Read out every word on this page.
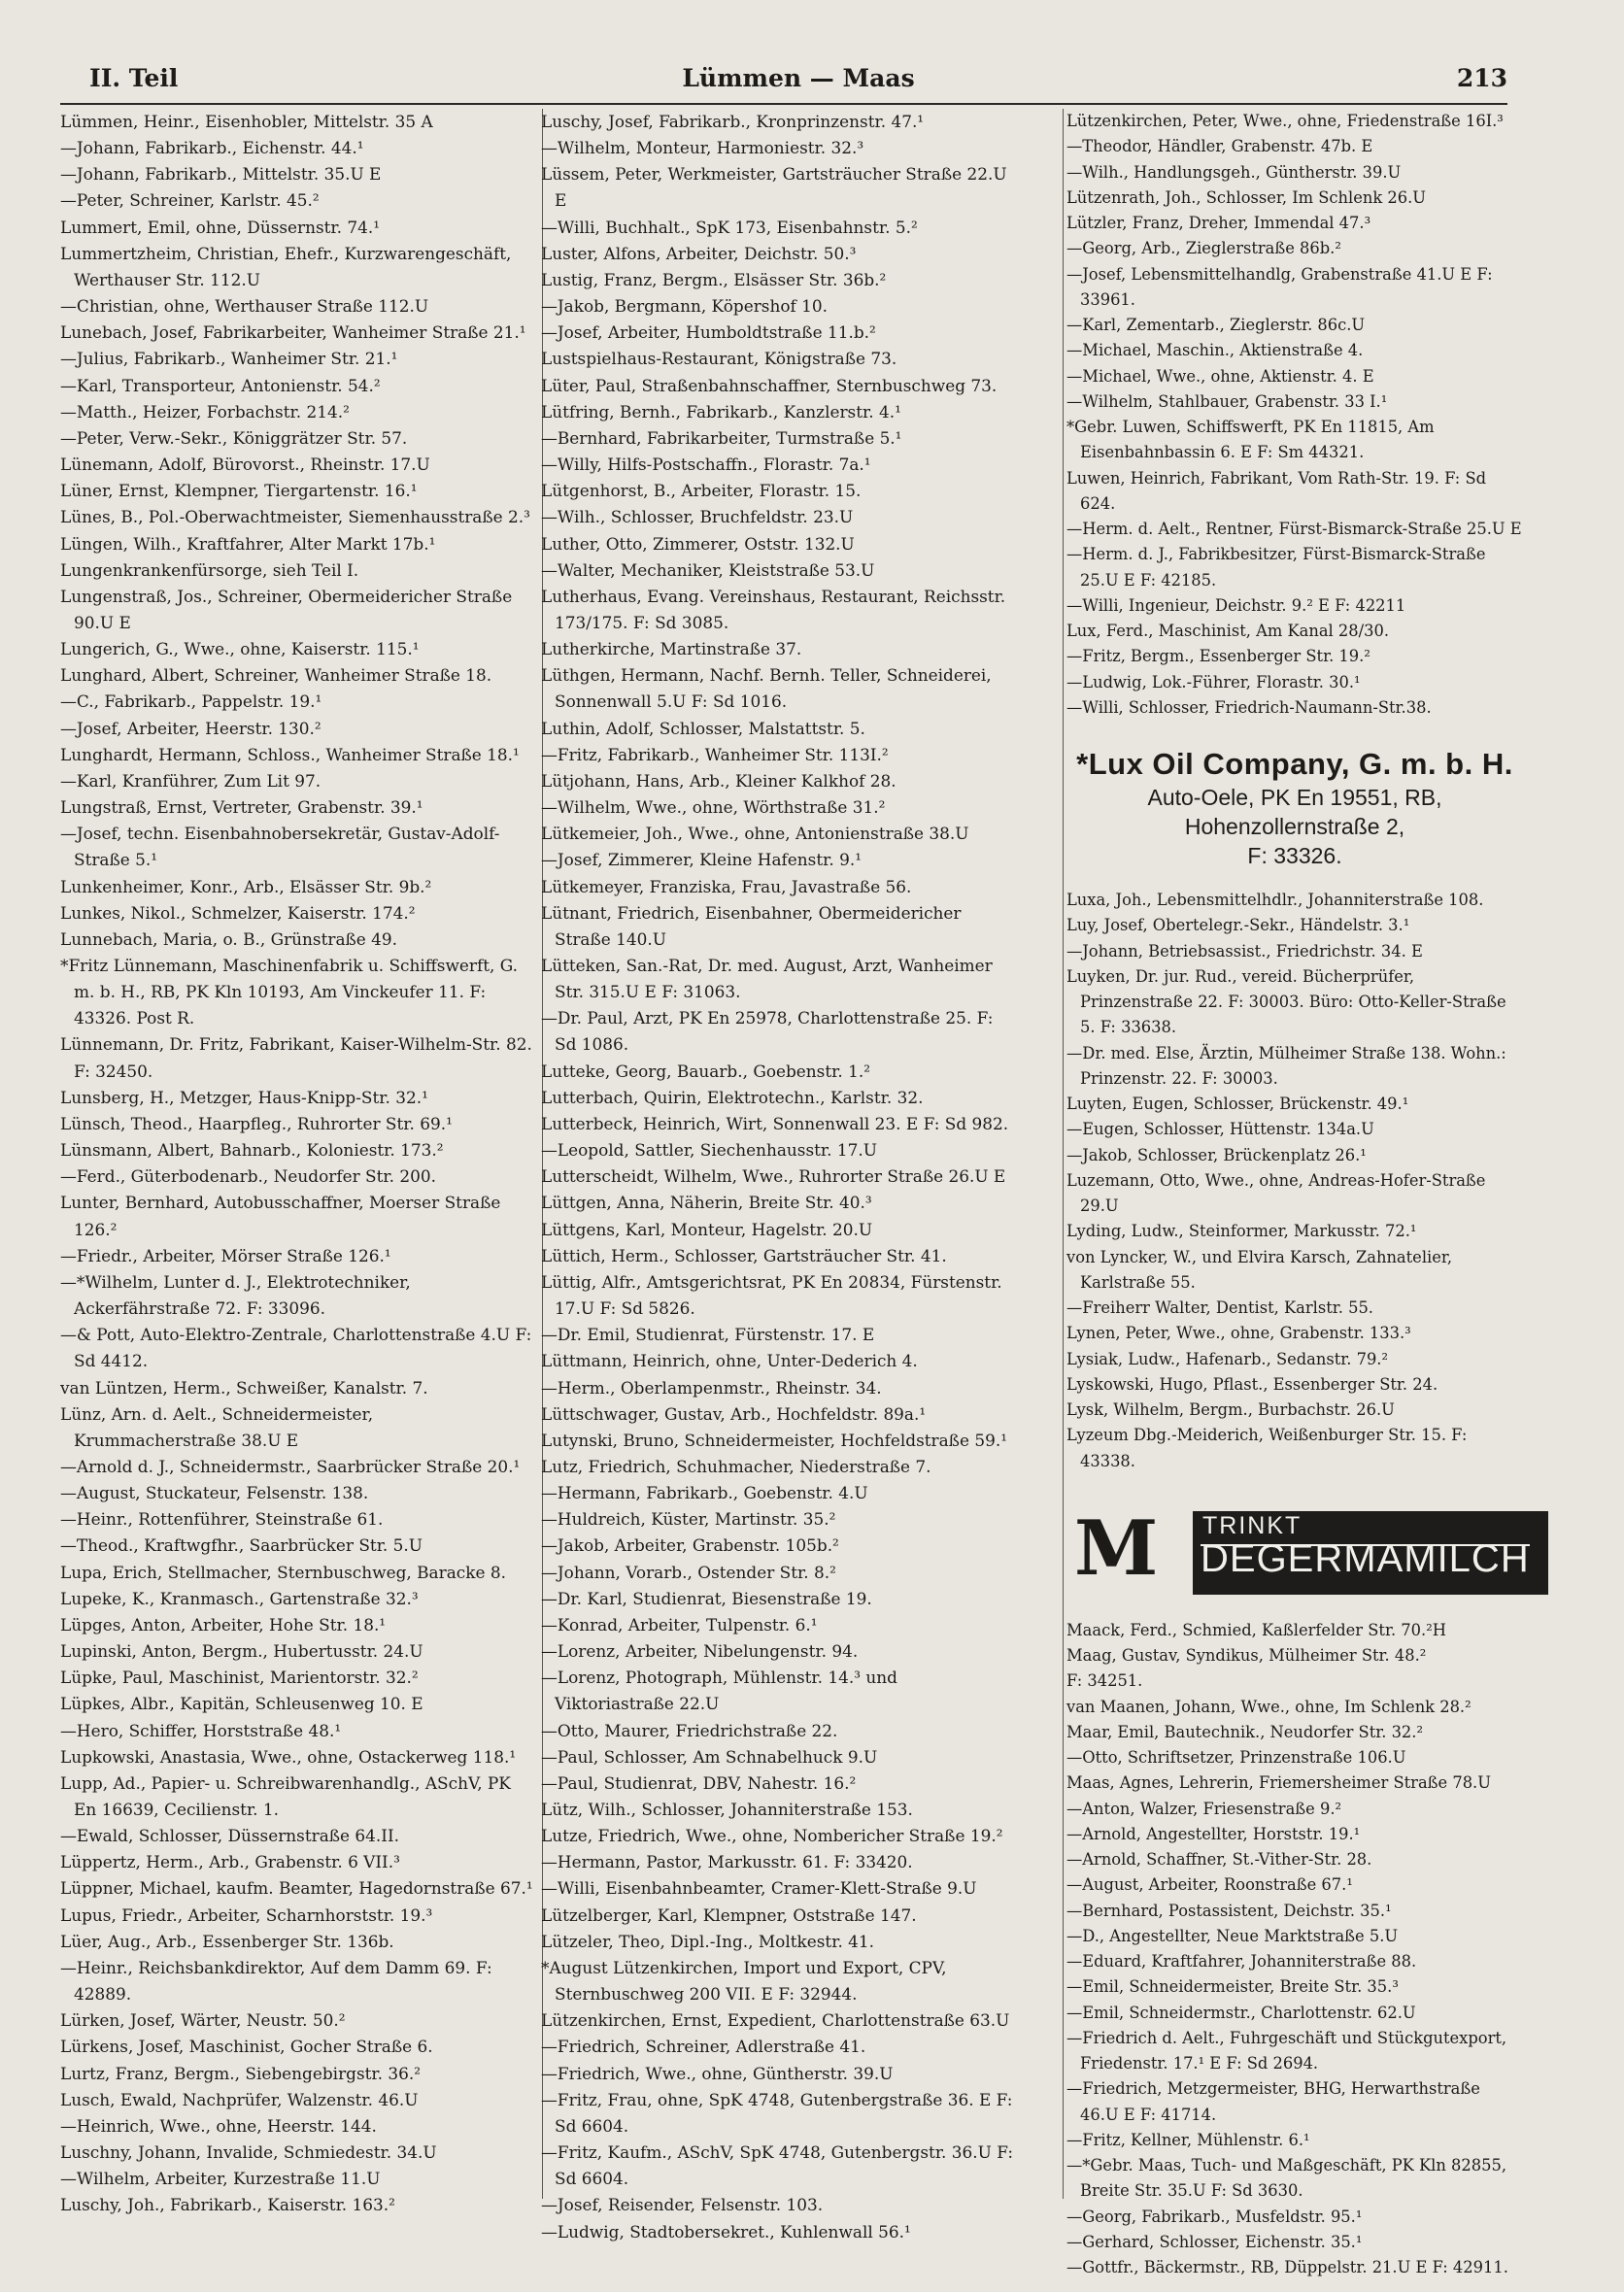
II. Teil	Lümmen — Maas	213

Lümmen, Heinr., Eisenhobler, Mittelstr. 35 A

—Johann, Fabrikarb., Eichenstr. 44.¹

—Johann, Fabrikarb., Mittelstr. 35.U E

—Peter, Schreiner, Karlstr. 45.²

Lummert, Emil, ohne, Düssernstr. 74.¹

Lummertzheim, Christian, Ehefr., Kurzwarengeschäft, Werthauser Str. 112.U

—Christian, ohne, Werthauser Straße 112.U

Lunebach, Josef, Fabrikarbeiter, Wanheimer Straße 21.¹

—Julius, Fabrikarb., Wanheimer Str. 21.¹

—Karl, Transporteur, Antonienstr. 54.²

—Matth., Heizer, Forbachstr. 214.²

—Peter, Verw.-Sekr., Königgrätzer Str. 57.

Lünemann, Adolf, Bürovorst., Rheinstr. 17.U

Lüner, Ernst, Klempner, Tiergartenstr. 16.¹

Lünes, B., Pol.-Oberwachtmeister, Siemenhausstraße 2.³

Lüngen, Wilh., Kraftfahrer, Alter Markt 17b.¹

Lungenkrankenfürsorge, sieh Teil I.

Lungenstraß, Jos., Schreiner, Obermeidericher Straße 90.U E

Lungerich, G., Wwe., ohne, Kaiserstr. 115.¹

Lunghard, Albert, Schreiner, Wanheimer Straße 18.

—C., Fabrikarb., Pappelstr. 19.¹

—Josef, Arbeiter, Heerstr. 130.²

Lunghardt, Hermann, Schloss., Wanheimer Straße 18.¹

—Karl, Kranführer, Zum Lit 97.

Lungstraß, Ernst, Vertreter, Grabenstr. 39.¹

—Josef, techn. Eisenbahnobersekretär, Gustav-Adolf-Straße 5.¹

Lunkenheimer, Konr., Arb., Elsässer Str. 9b.²

Lunkes, Nikol., Schmelzer, Kaiserstr. 174.²

Lunnebach, Maria, o. B., Grünstraße 49.

*Fritz Lünnemann, Maschinenfabrik u. Schiffswerft, G. m. b. H., RB, PK Kln 10193, Am Vinckeufer 11. F: 43326. Post R.

Lünnemann, Dr. Fritz, Fabrikant, Kaiser-Wilhelm-Str. 82. F: 32450.

Lunsberg, H., Metzger, Haus-Knipp-Str. 32.¹

Lünsch, Theod., Haarpfleg., Ruhrorter Str. 69.¹

Lünsmann, Albert, Bahnarb., Koloniestr. 173.²

—Ferd., Güterbodenarb., Neudorfer Str. 200.

Lunter, Bernhard, Autobusschaffner, Moerser Straße 126.²

—Friedr., Arbeiter, Mörser Straße 126.¹

—*Wilhelm, Lunter d. J., Elektrotechniker, Ackerfährstraße 72. F: 33096.

—& Pott, Auto-Elektro-Zentrale, Charlottenstraße 4.U F: Sd 4412.

van Lüntzen, Herm., Schweißer, Kanalstr. 7.

Lünz, Arn. d. Aelt., Schneidermeister, Krummacherstraße 38.U E

—Arnold d. J., Schneidermstr., Saarbrücker Straße 20.¹

—August, Stuckateur, Felsenstr. 138.

—Heinr., Rottenführer, Steinstraße 61.

—Theod., Kraftwgfhr., Saarbrücker Str. 5.U

Lupa, Erich, Stellmacher, Sternbuschweg, Baracke 8.

Lupeke, K., Kranmasch., Gartenstraße 32.³

Lüpges, Anton, Arbeiter, Hohe Str. 18.¹

Lupinski, Anton, Bergm., Hubertusstr. 24.U

Lüpke, Paul, Maschinist, Marientorstr. 32.²

Lüpkes, Albr., Kapitän, Schleusenweg 10. E

—Hero, Schiffer, Horststraße 48.¹

Lupkowski, Anastasia, Wwe., ohne, Ostackerweg 118.¹

Lupp, Ad., Papier- u. Schreibwarenhandlg., ASchV, PK En 16639, Cecilienstr. 1.

—Ewald, Schlosser, Düssernstraße 64.II.

Lüppertz, Herm., Arb., Grabenstr. 6 VII.³

Lüppner, Michael, kaufm. Beamter, Hagedornstraße 67.¹

Lupus, Friedr., Arbeiter, Scharnhorststr. 19.³

Lüer, Aug., Arb., Essenberger Str. 136b.

—Heinr., Reichsbankdirektor, Auf dem Damm 69. F: 42889.

Lürken, Josef, Wärter, Neustr. 50.²

Lürkens, Josef, Maschinist, Gocher Straße 6.

Lurtz, Franz, Bergm., Siebengebirgstr. 36.²

Lusch, Ewald, Nachprüfer, Walzenstr. 46.U

—Heinrich, Wwe., ohne, Heerstr. 144.

Luschny, Johann, Invalide, Schmiedestr. 34.U

—Wilhelm, Arbeiter, Kurzestraße 11.U

Luschy, Joh., Fabrikarb., Kaiserstr. 163.²

Luschy, Josef, Fabrikarb., Kronprinzenstr. 47.¹

—Wilhelm, Monteur, Harmoniestr. 32.³

Lüssem, Peter, Werkmeister, Gartsträucher Straße 22.U E

—Willi, Buchhalt., SpK 173, Eisenbahnstr. 5.²

Luster, Alfons, Arbeiter, Deichstr. 50.³

Lustig, Franz, Bergm., Elsässer Str. 36b.²

—Jakob, Bergmann, Köpershof 10.

—Josef, Arbeiter, Humboldtstraße 11.b.²

Lustspielhaus-Restaurant, Königstraße 73.

Lüter, Paul, Straßenbahnschaffner, Sternbuschweg 73.

Lütfring, Bernh., Fabrikarb., Kanzlerstr. 4.¹

—Bernhard, Fabrikarbeiter, Turmstraße 5.¹

—Willy, Hilfs-Postschaffn., Florastr. 7a.¹

Lütgenhorst, B., Arbeiter, Florastr. 15.

—Wilh., Schlosser, Bruchfeldstr. 23.U

Luther, Otto, Zimmerer, Oststr. 132.U

—Walter, Mechaniker, Kleiststraße 53.U

Lutherhaus, Evang. Vereinshaus, Restaurant, Reichsstr. 173/175. F: Sd 3085.

Lutherkirche, Martinstraße 37.

Lüthgen, Hermann, Nachf. Bernh. Teller, Schneiderei, Sonnenwall 5.U F: Sd 1016.

Luthin, Adolf, Schlosser, Malstattstr. 5.

—Fritz, Fabrikarb., Wanheimer Str. 113I.²

Lütjohann, Hans, Arb., Kleiner Kalkhof 28.

—Wilhelm, Wwe., ohne, Wörthstraße 31.²

Lütkemeier, Joh., Wwe., ohne, Antonienstraße 38.U

—Josef, Zimmerer, Kleine Hafenstr. 9.¹

Lütkemeyer, Franziska, Frau, Javastraße 56.

Lütnant, Friedrich, Eisenbahner, Obermeidericher Straße 140.U

Lütteken, San.-Rat, Dr. med. August, Arzt, Wanheimer Str. 315.U E F: 31063.

—Dr. Paul, Arzt, PK En 25978, Charlottenstraße 25. F: Sd 1086.

Lutteke, Georg, Bauarb., Goebenstr. 1.²

Lutterbach, Quirin, Elektrotechn., Karlstr. 32.

Lutterbeck, Heinrich, Wirt, Sonnenwall 23. E F: Sd 982.

—Leopold, Sattler, Siechenhausstr. 17.U

Lutterscheidt, Wilhelm, Wwe., Ruhrorter Straße 26.U E

Lüttgen, Anna, Näherin, Breite Str. 40.³

Lüttgens, Karl, Monteur, Hagelstr. 20.U

Lüttich, Herm., Schlosser, Gartsträucher Str. 41.

Lüttig, Alfr., Amtsgerichtsrat, PK En 20834, Fürstenstr. 17.U F: Sd 5826.

—Dr. Emil, Studienrat, Fürstenstr. 17. E

Lüttmann, Heinrich, ohne, Unter-Dederich 4.

—Herm., Oberlampenmstr., Rheinstr. 34.

Lüttschwager, Gustav, Arb., Hochfeldstr. 89a.¹

Lutynski, Bruno, Schneidermeister, Hochfeldstraße 59.¹

Lutz, Friedrich, Schuhmacher, Niederstraße 7.

—Hermann, Fabrikarb., Goebenstr. 4.U

—Huldreich, Küster, Martinstr. 35.²

—Jakob, Arbeiter, Grabenstr. 105b.²

—Johann, Vorarb., Ostender Str. 8.²

—Dr. Karl, Studienrat, Biesenstraße 19.

—Konrad, Arbeiter, Tulpenstr. 6.¹

—Lorenz, Arbeiter, Nibelungenstr. 94.

—Lorenz, Photograph, Mühlenstr. 14.³ und Viktoriastraße 22.U

—Otto, Maurer, Friedrichstraße 22.

—Paul, Schlosser, Am Schnabelhuck 9.U

—Paul, Studienrat, DBV, Nahestr. 16.²

Lütz, Wilh., Schlosser, Johanniterstraße 153.

Lutze, Friedrich, Wwe., ohne, Nombericher Straße 19.²

—Hermann, Pastor, Markusstr. 61. F: 33420.

—Willi, Eisenbahnbeamter, Cramer-Klett-Straße 9.U

Lützelberger, Karl, Klempner, Oststraße 147.

Lützeler, Theo, Dipl.-Ing., Moltkestr. 41.

*August Lützenkirchen, Import und Export, CPV, Sternbuschweg 200 VII. E F: 32944.

Lützenkirchen, Ernst, Expedient, Charlottenstraße 63.U

—Friedrich, Schreiner, Adlerstraße 41.

—Friedrich, Wwe., ohne, Güntherstr. 39.U

—Fritz, Frau, ohne, SpK 4748, Gutenbergstraße 36. E F: Sd 6604.

—Fritz, Kaufm., ASchV, SpK 4748, Gutenbergstr. 36.U F: Sd 6604.

—Josef, Reisender, Felsenstr. 103.

—Ludwig, Stadtobersekret., Kuhlenwall 56.¹

Lützenkirchen, Peter, Wwe., ohne, Friedenstraße 16I.³

—Theodor, Händler, Grabenstr. 47b. E

—Wilh., Handlungsgeh., Güntherstr. 39.U

Lützenrath, Joh., Schlosser, Im Schlenk 26.U

Lützler, Franz, Dreher, Immendal 47.³

—Georg, Arb., Zieglerstraße 86b.²

—Josef, Lebensmittelhandlg, Grabenstraße 41.U E F: 33961.

—Karl, Zementarb., Zieglerstr. 86c.U

—Michael, Maschin., Aktienstraße 4.

—Michael, Wwe., ohne, Aktienstr. 4. E

—Wilhelm, Stahlbauer, Grabenstr. 33 I.¹

*Gebr. Luwen, Schiffswerft, PK En 11815, Am Eisenbahnbassin 6. E F: Sm 44321.

Luwen, Heinrich, Fabrikant, Vom Rath-Str. 19. F: Sd 624.

—Herm. d. Aelt., Rentner, Fürst-Bismarck-Straße 25.U E

—Herm. d. J., Fabrikbesitzer, Fürst-Bismarck-Straße 25.U E F: 42185.

—Willi, Ingenieur, Deichstr. 9.² E F: 42211

Lux, Ferd., Maschinist, Am Kanal 28/30.

—Fritz, Bergm., Essenberger Str. 19.²

—Ludwig, Lok.-Führer, Florastr. 30.¹

—Willi, Schlosser, Friedrich-Naumann-Str.38.

*Lux Oil Company, G. m. b. H.
Auto-Oele, PK En 19551, RB,
Hohenzollernstraße 2,
F: 33326.

Luxa, Joh., Lebensmittelhdlr., Johanniterstraße 108.

Luy, Josef, Obertelegr.-Sekr., Händelstr. 3.¹

—Johann, Betriebsassist., Friedrichstr. 34. E

Luyken, Dr. jur. Rud., vereid. Bücherprüfer, Prinzenstraße 22. F: 30003. Büro: Otto-Keller-Straße 5. F: 33638.

—Dr. med. Else, Ärztin, Mülheimer Straße 138. Wohn.: Prinzenstr. 22. F: 30003.

Luyten, Eugen, Schlosser, Brückenstr. 49.¹

—Eugen, Schlosser, Hüttenstr. 134a.U

—Jakob, Schlosser, Brückenplatz 26.¹

Luzemann, Otto, Wwe., ohne, Andreas-Hofer-Straße 29.U

Lyding, Ludw., Steinformer, Markusstr. 72.¹

von Lyncker, W., und Elvira Karsch, Zahnatelier, Karlstraße 55.

—Freiherr Walter, Dentist, Karlstr. 55.

Lynen, Peter, Wwe., ohne, Grabenstr. 133.³

Lysiak, Ludw., Hafenarb., Sedanstr. 79.²

Lyskowski, Hugo, Pflast., Essenberger Str. 24.

Lysk, Wilhelm, Bergm., Burbachstr. 26.U

Lyzeum Dbg.-Meiderich, Weißenburger Str. 15. F: 43338.

M TRINKT
DEGERMAMILCH

Maack, Ferd., Schmied, Kaßlerfelder Str. 70.²H

Maag, Gustav, Syndikus, Mülheimer Str. 48.²

F: 34251.

van Maanen, Johann, Wwe., ohne, Im Schlenk 28.²

Maar, Emil, Bautechnik., Neudorfer Str. 32.²

—Otto, Schriftsetzer, Prinzenstraße 106.U

Maas, Agnes, Lehrerin, Friemersheimer Straße 78.U

—Anton, Walzer, Friesenstraße 9.²

—Arnold, Angestellter, Horststr. 19.¹

—Arnold, Schaffner, St.-Vither-Str. 28.

—August, Arbeiter, Roonstraße 67.¹

—Bernhard, Postassistent, Deichstr. 35.¹

—D., Angestellter, Neue Marktstraße 5.U

—Eduard, Kraftfahrer, Johanniterstraße 88.

—Emil, Schneidermeister, Breite Str. 35.³

—Emil, Schneidermstr., Charlottenstr. 62.U

—Friedrich d. Aelt., Fuhrgeschäft und Stückgutexport, Friedenstr. 17.¹ E F: Sd 2694.

—Friedrich, Metzgermeister, BHG, Herwarthstraße 46.U E F: 41714.

—Fritz, Kellner, Mühlenstr. 6.¹

—*Gebr. Maas, Tuch- und Maßgeschäft, PK Kln 82855, Breite Str. 35.U F: Sd 3630.

—Georg, Fabrikarb., Musfeldstr. 95.¹

—Gerhard, Schlosser, Eichenstr. 35.¹

—Gottfr., Bäckermstr., RB, Düppelstr. 21.U E F: 42911.
